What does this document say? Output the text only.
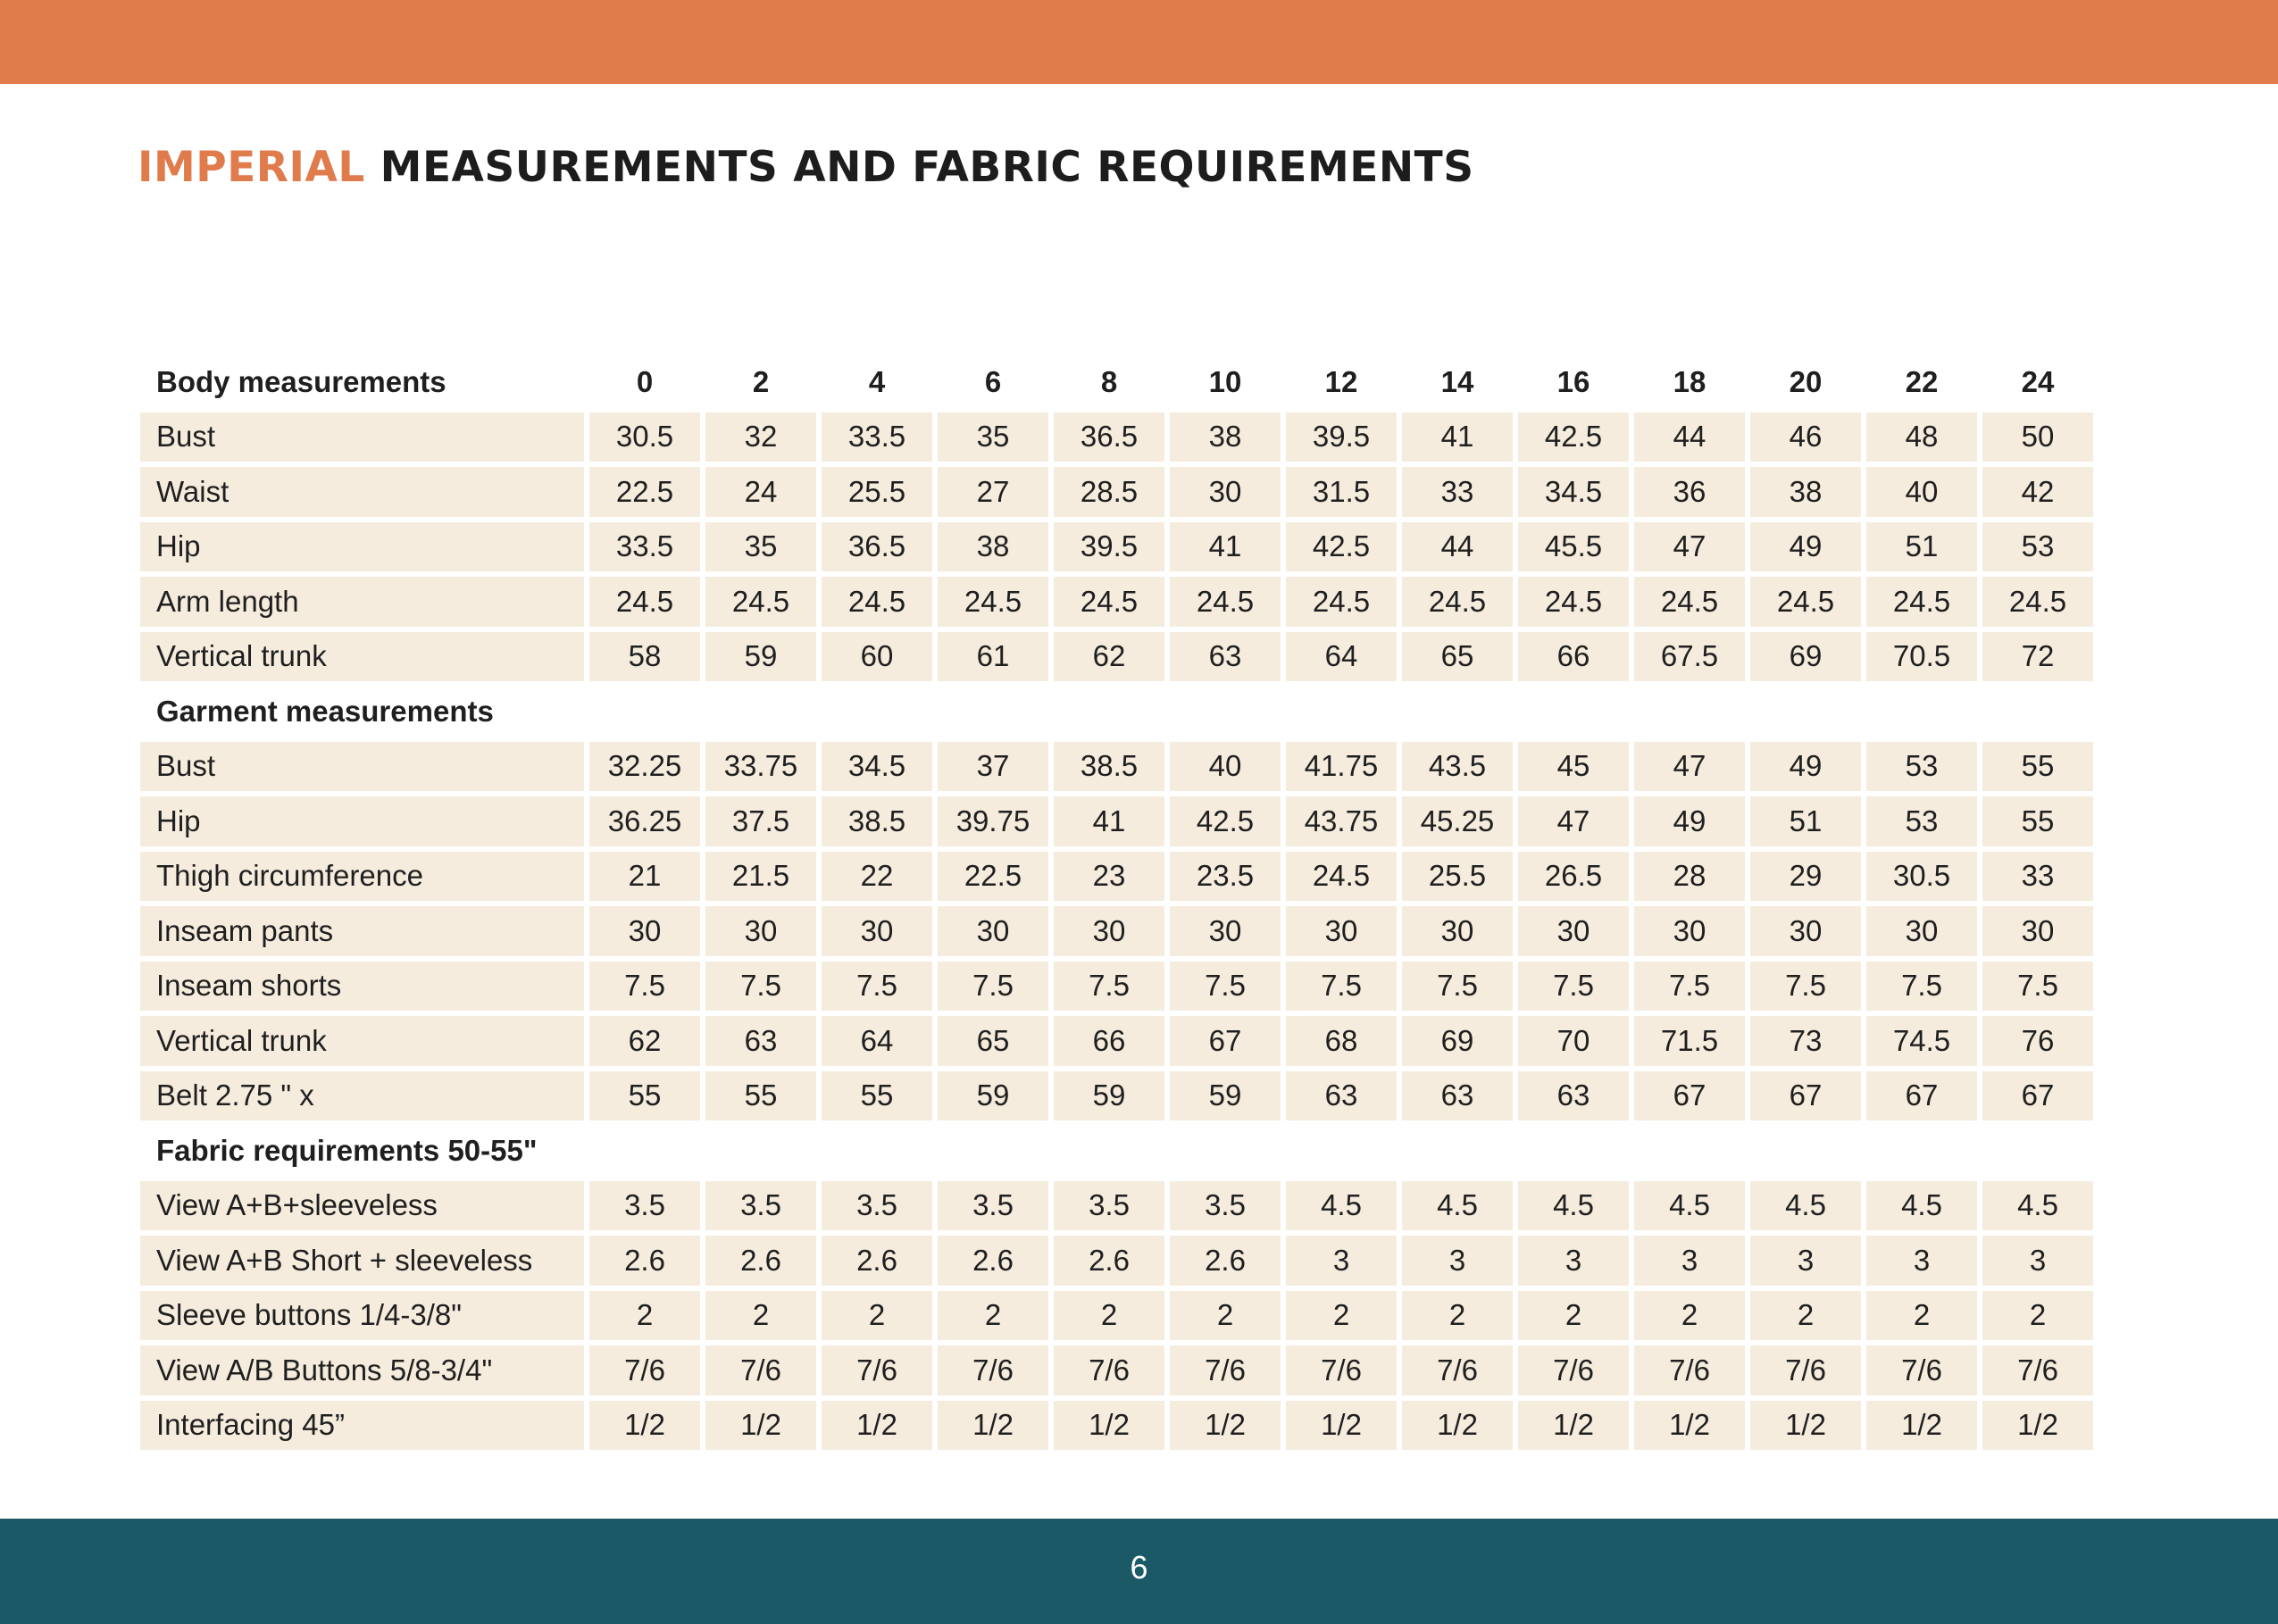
IMPERIAL MEASUREMENTS AND FABRIC REQUIREMENTS
Body measurements	0	2	4	6	8	10	12	14	16	18	20	22	24
Bust	30.5	32	33.5	35	36.5	38	39.5	41	42.5	44	46	48	50
Waist	22.5	24	25.5	27	28.5	30	31.5	33	34.5	36	38	40	42
Hip	33.5	35	36.5	38	39.5	41	42.5	44	45.5	47	49	51	53
Arm length	24.5	24.5	24.5	24.5	24.5	24.5	24.5	24.5	24.5	24.5	24.5	24.5	24.5
Vertical trunk	58	59	60	61	62	63	64	65	66	67.5	69	70.5	72
Garment measurements													
Bust	32.25	33.75	34.5	37	38.5	40	41.75	43.5	45	47	49	53	55
Hip	36.25	37.5	38.5	39.75	41	42.5	43.75	45.25	47	49	51	53	55
Thigh circumference	21	21.5	22	22.5	23	23.5	24.5	25.5	26.5	28	29	30.5	33
Inseam pants	30	30	30	30	30	30	30	30	30	30	30	30	30
Inseam shorts	7.5	7.5	7.5	7.5	7.5	7.5	7.5	7.5	7.5	7.5	7.5	7.5	7.5
Vertical trunk	62	63	64	65	66	67	68	69	70	71.5	73	74.5	76
Belt 2.75 " x	55	55	55	59	59	59	63	63	63	67	67	67	67
Fabric requirements 50-55"													
View A+B+sleeveless	3.5	3.5	3.5	3.5	3.5	3.5	4.5	4.5	4.5	4.5	4.5	4.5	4.5
View A+B Short + sleeveless	2.6	2.6	2.6	2.6	2.6	2.6	3	3	3	3	3	3	3
Sleeve buttons 1/4-3/8"	2	2	2	2	2	2	2	2	2	2	2	2	2
View A/B Buttons 5/8-3/4"	7/6	7/6	7/6	7/6	7/6	7/6	7/6	7/6	7/6	7/6	7/6	7/6	7/6
Interfacing 45”	1/2	1/2	1/2	1/2	1/2	1/2	1/2	1/2	1/2	1/2	1/2	1/2	1/2
6
